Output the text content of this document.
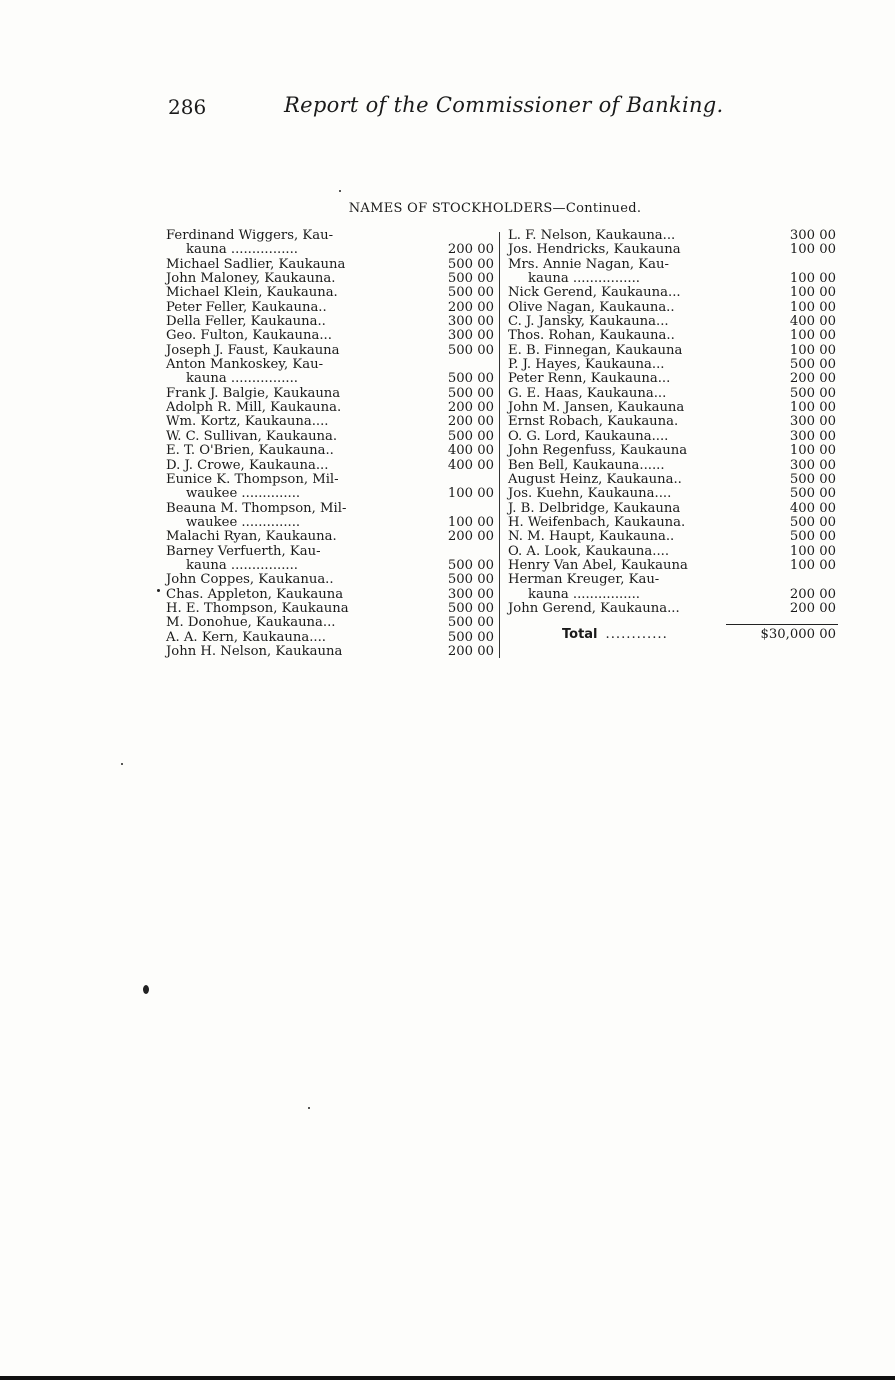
286	Report of the Commissioner of Banking.
NAMES OF STOCKHOLDERS—Continued.
Ferdinand Wiggers, Kau-
kauna ................	200 00
Michael Sadlier, Kaukauna	500 00
John Maloney, Kaukauna.	500 00
Michael Klein, Kaukauna.	500 00
Peter Feller, Kaukauna..	200 00
Della Feller, Kaukauna..	300 00
Geo. Fulton, Kaukauna...	300 00
Joseph J. Faust, Kaukauna	500 00
Anton Mankoskey, Kau-
kauna ................	500 00
Frank J. Balgie, Kaukauna	500 00
Adolph R. Mill, Kaukauna.	200 00
Wm. Kortz, Kaukauna....	200 00
W. C. Sullivan, Kaukauna.	500 00
E. T. O'Brien, Kaukauna..	400 00
D. J. Crowe, Kaukauna...	400 00
Eunice K. Thompson, Mil-
waukee ..............	100 00
Beauna M. Thompson, Mil-
waukee ..............	100 00
Malachi Ryan, Kaukauna.	200 00
Barney Verfuerth, Kau-
kauna ................	500 00
John Coppes, Kaukanua..	500 00
Chas. Appleton, Kaukauna	300 00
H. E. Thompson, Kaukauna	500 00
M. Donohue, Kaukauna...	500 00
A. A. Kern, Kaukauna....	500 00
John H. Nelson, Kaukauna	200 00
L. F. Nelson, Kaukauna...	300 00
Jos. Hendricks, Kaukauna	100 00
Mrs. Annie Nagan, Kau-
kauna ................	100 00
Nick Gerend, Kaukauna...	100 00
Olive Nagan, Kaukauna..	100 00
C. J. Jansky, Kaukauna...	400 00
Thos. Rohan, Kaukauna..	100 00
E. B. Finnegan, Kaukauna	100 00
P. J. Hayes, Kaukauna...	500 00
Peter Renn, Kaukauna...	200 00
G. E. Haas, Kaukauna...	500 00
John M. Jansen, Kaukauna	100 00
Ernst Robach, Kaukauna.	300 00
O. G. Lord, Kaukauna....	300 00
John Regenfuss, Kaukauna	100 00
Ben Bell, Kaukauna......	300 00
August Heinz, Kaukauna..	500 00
Jos. Kuehn, Kaukauna....	500 00
J. B. Delbridge, Kaukauna	400 00
H. Weifenbach, Kaukauna.	500 00
N. M. Haupt, Kaukauna..	500 00
O. A. Look, Kaukauna....	100 00
Henry Van Abel, Kaukauna	100 00
Herman Kreuger, Kau-
kauna ................	200 00
John Gerend, Kaukauna...	200 00
Total ............	$30,000 00
